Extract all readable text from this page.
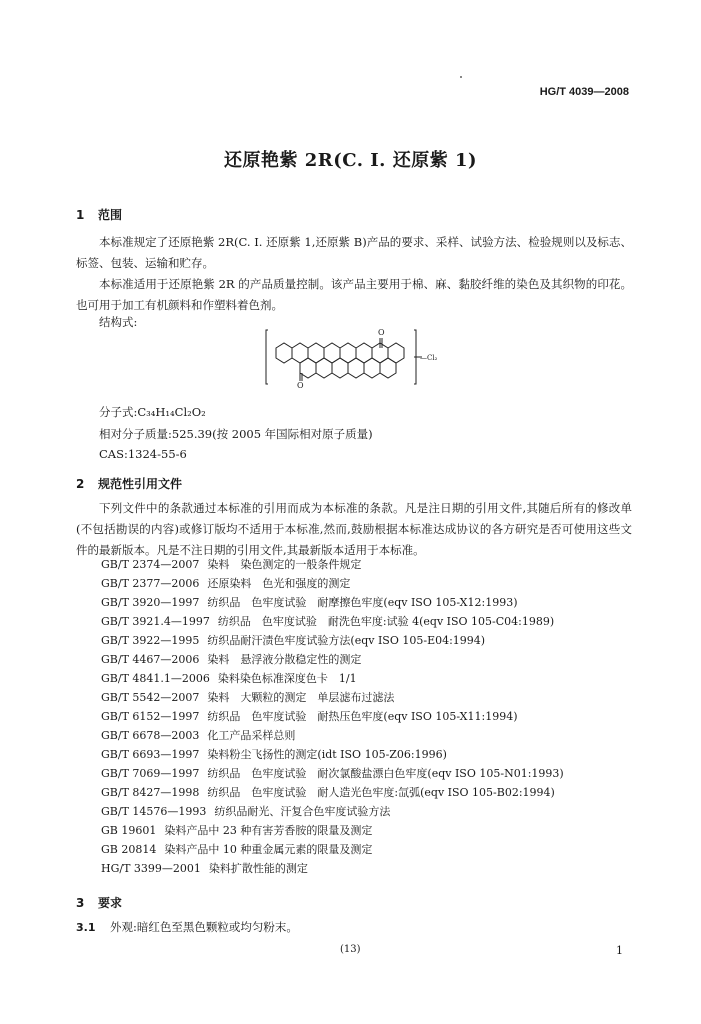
HG/T 4039—2008
还原艳紫 2R(C. I. 还原紫 1)
1 范围
本标准规定了还原艳紫 2R(C. I. 还原紫 1,还原紫 B)产品的要求、采样、试验方法、检验规则以及标志、标签、包装、运输和贮存。
本标准适用于还原艳紫 2R 的产品质量控制。该产品主要用于棉、麻、黏胶纤维的染色及其织物的印花。也可用于加工有机颜料和作塑料着色剂。
结构式:
O
O
—Cl₂
分子式:C₃₄H₁₄Cl₂O₂
相对分子质量:525.39(按 2005 年国际相对原子质量)
CAS:1324-55-6
2 规范性引用文件
下列文件中的条款通过本标准的引用而成为本标准的条款。凡是注日期的引用文件,其随后所有的修改单(不包括勘误的内容)或修订版均不适用于本标准,然而,鼓励根据本标准达成协议的各方研究是否可使用这些文件的最新版本。凡是不注日期的引用文件,其最新版本适用于本标准。
GB/T 2374—2007 染料　染色测定的一般条件规定
GB/T 2377—2006 还原染料　色光和强度的测定
GB/T 3920—1997 纺织品　色牢度试验　耐摩擦色牢度(eqv ISO 105-X12:1993)
GB/T 3921.4—1997 纺织品　色牢度试验　耐洗色牢度:试验 4(eqv ISO 105-C04:1989)
GB/T 3922—1995 纺织品耐汗渍色牢度试验方法(eqv ISO 105-E04:1994)
GB/T 4467—2006 染料　悬浮液分散稳定性的测定
GB/T 4841.1—2006 染料染色标准深度色卡　1/1
GB/T 5542—2007 染料　大颗粒的测定　单层滤布过滤法
GB/T 6152—1997 纺织品　色牢度试验　耐热压色牢度(eqv ISO 105-X11:1994)
GB/T 6678—2003 化工产品采样总则
GB/T 6693—1997 染料粉尘飞扬性的测定(idt ISO 105-Z06:1996)
GB/T 7069—1997 纺织品　色牢度试验　耐次氯酸盐漂白色牢度(eqv ISO 105-N01:1993)
GB/T 8427—1998 纺织品　色牢度试验　耐人造光色牢度:氙弧(eqv ISO 105-B02:1994)
GB/T 14576—1993 纺织品耐光、汗复合色牢度试验方法
GB 19601 染料产品中 23 种有害芳香胺的限量及测定
GB 20814 染料产品中 10 种重金属元素的限量及测定
HG/T 3399—2001 染料扩散性能的测定
3 要求
3.1 外观:暗红色至黑色颗粒或均匀粉末。
(13)	1
